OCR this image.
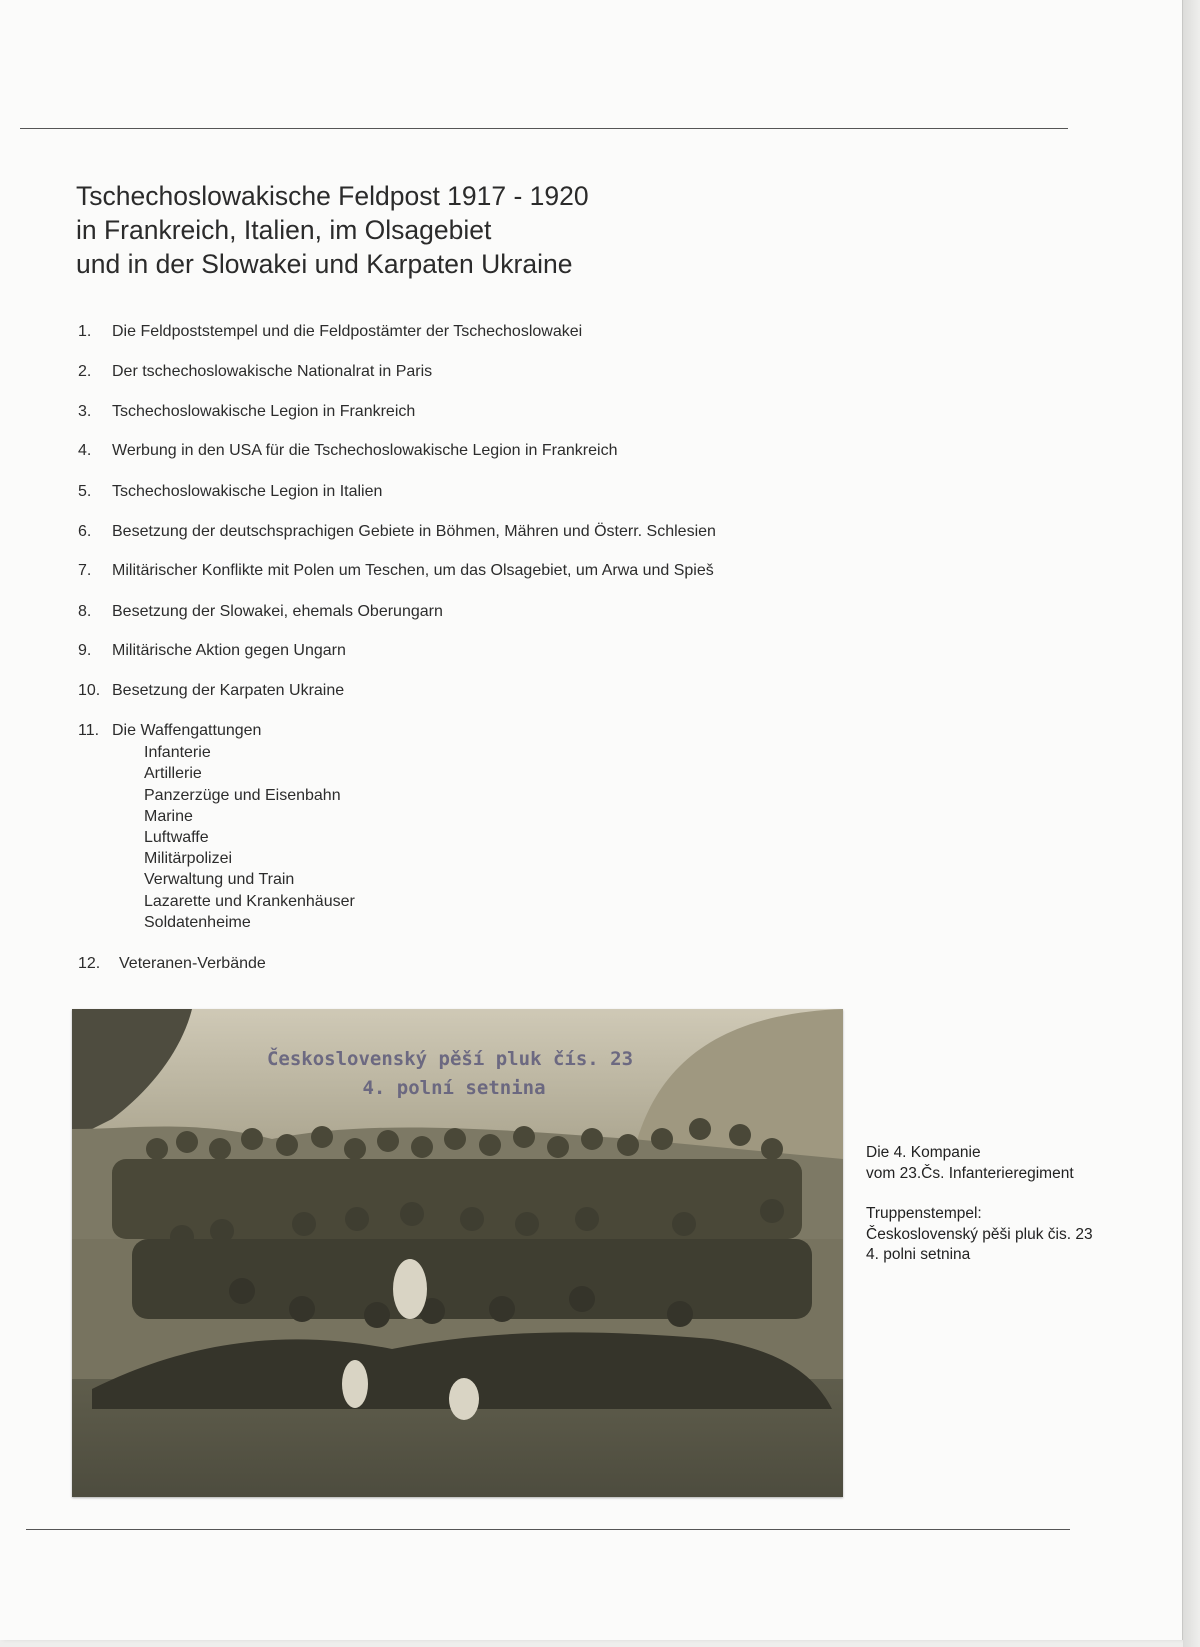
Tschechoslowakische Feldpost 1917 - 1920
in Frankreich, Italien, im Olsagebiet
und in der Slowakei und Karpaten Ukraine
1. Die Feldpoststempel und die Feldpostämter der Tschechoslowakei
2. Der tschechoslowakische Nationalrat in Paris
3. Tschechoslowakische Legion in Frankreich
4. Werbung in den USA für die Tschechoslowakische Legion in Frankreich
5. Tschechoslowakische Legion in Italien
6. Besetzung der deutschsprachigen Gebiete in Böhmen, Mähren und Österr. Schlesien
7. Militärischer Konflikte mit Polen um Teschen, um das Olsagebiet, um Arwa und Spieš
8. Besetzung der Slowakei, ehemals Oberungarn
9. Militärische Aktion gegen Ungarn
10. Besetzung der Karpaten Ukraine
11. Die Waffengattungen
Infanterie
Artillerie
Panzerzüge und Eisenbahn
Marine
Luftwaffe
Militärpolizei
Verwaltung und Train
Lazarette und Krankenhäuser
Soldatenheime
12. Veteranen-Verbände
Československý pěší pluk čís. 23
4. polní setnina
Die 4. Kompanie
vom 23.Čs. Infanterieregiment
Truppenstempel:
Československý pěši pluk čis. 23
4. polni setnina
